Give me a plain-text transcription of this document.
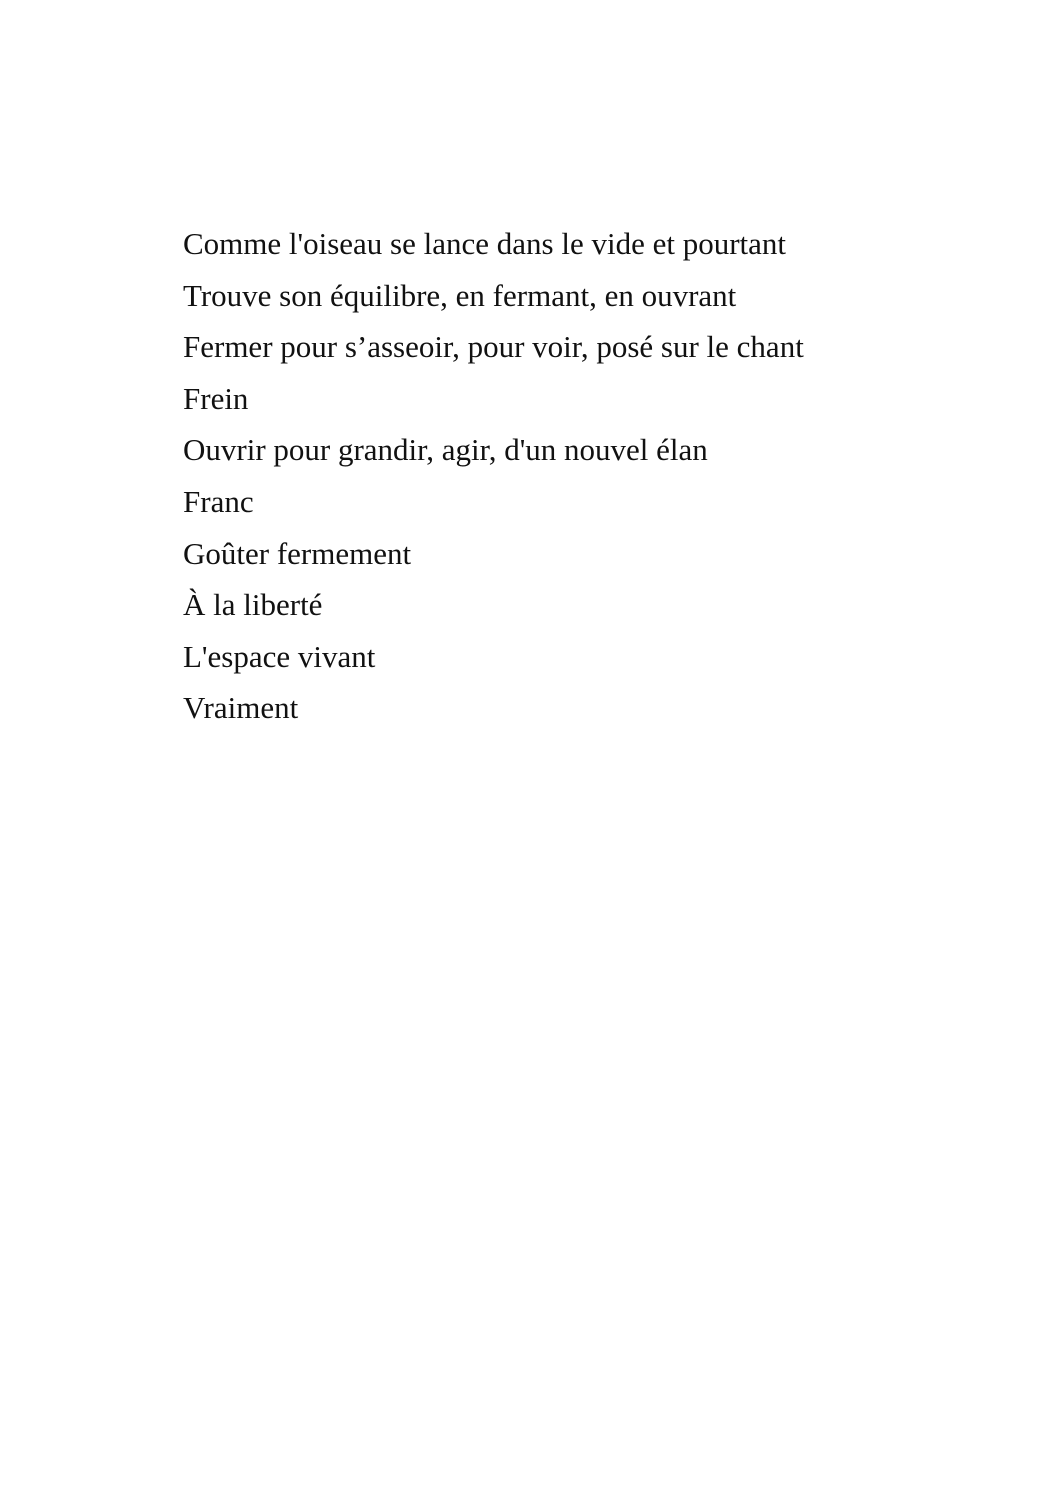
Comme l'oiseau se lance dans le vide et pourtant
Trouve son équilibre, en fermant, en ouvrant
Fermer pour s’asseoir, pour voir, posé sur le chant
Frein
Ouvrir pour grandir, agir, d'un nouvel élan
Franc
Goûter fermement
À la liberté
L'espace vivant
Vraiment
